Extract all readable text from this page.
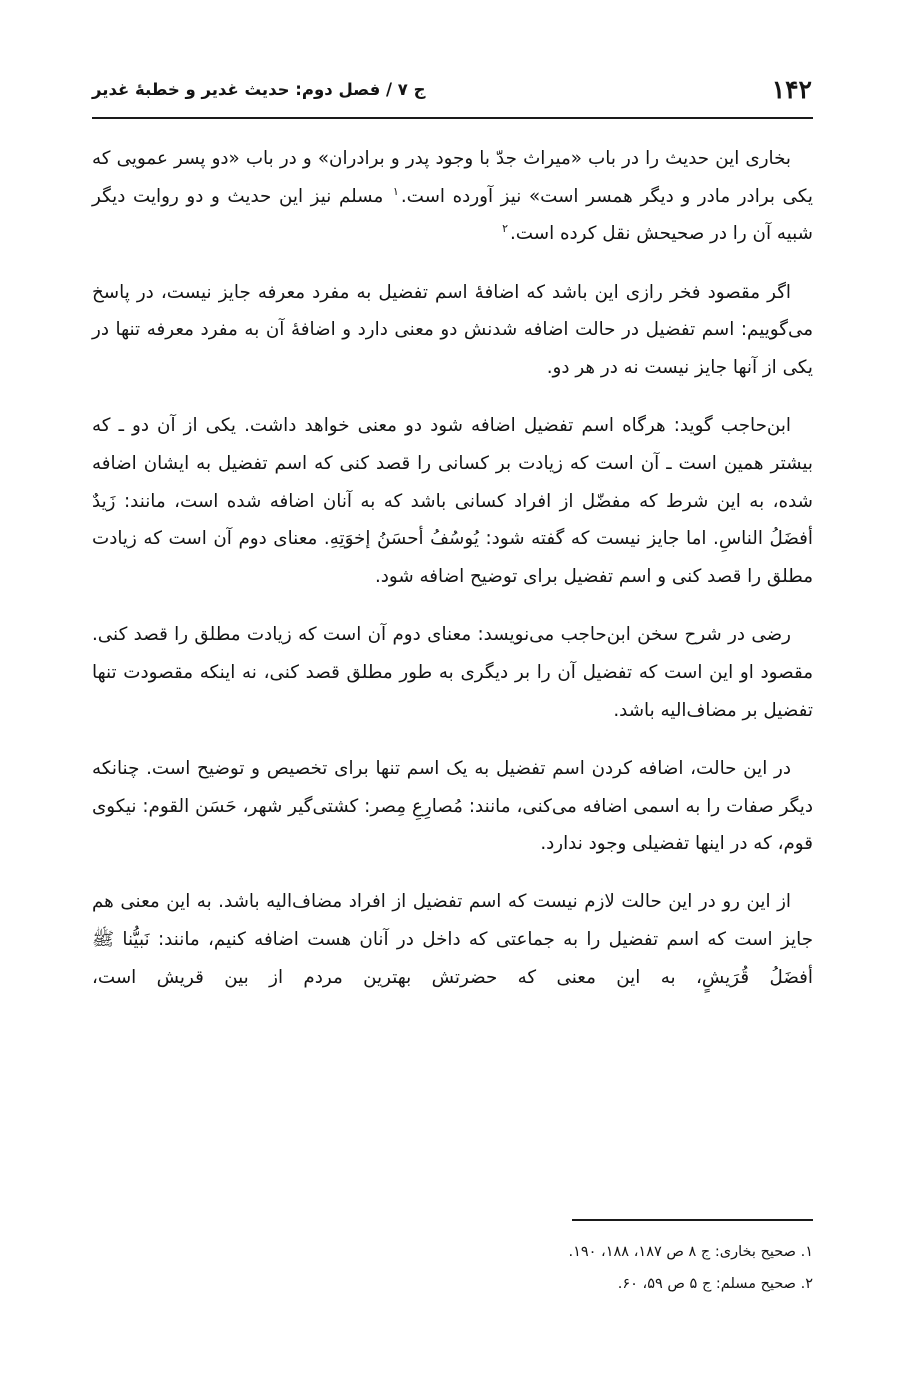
۱۴۲
ج ۷ / فصل دوم: حدیث غدیر و خطبهٔ غدیر

بخاری این حدیث را در باب «میراث جدّ با وجود پدر و برادران» و در باب «دو پسر عمویی که یکی برادر مادر و دیگر همسر است» نیز آورده است.$^۱$ مسلم نیز این حدیث و دو روایت دیگر شبیه آن را در صحیحش نقل کرده است.$^۲$

اگر مقصود فخر رازی این باشد که اضافهٔ اسم تفضیل به مفرد معرفه جایز نیست، در پاسخ می‌گوییم: اسم تفضیل در حالت اضافه شدنش دو معنی دارد و اضافهٔ آن به مفرد معرفه تنها در یکی از آنها جایز نیست نه در هر دو.

ابن‌حاجب گوید: هرگاه اسم تفضیل اضافه شود دو معنی خواهد داشت. یکی از آن دو ـ که بیشتر همین است ـ آن است که زیادت بر کسانی را قصد کنی که اسم تفضیل به ایشان اضافه شده، به این شرط که مفضّل از افراد کسانی باشد که به آنان اضافه شده است، مانند: زَیدٌ أفضَلُ الناسِ. اما جایز نیست که گفته شود: یُوسُفُ أحسَنُ إخوَتِهِ. معنای دوم آن است که زیادت مطلق را قصد کنی و اسم تفضیل برای توضیح اضافه شود.

رضی در شرح سخن ابن‌حاجب می‌نویسد: معنای دوم آن است که زیادت مطلق را قصد کنی. مقصود او این است که تفضیل آن را بر دیگری به طور مطلق قصد کنی، نه اینکه مقصودت تنها تفضیل بر مضاف‌الیه باشد.

در این حالت، اضافه کردن اسم تفضیل به یک اسم تنها برای تخصیص و توضیح است. چنانکه دیگر صفات را به اسمی اضافه می‌کنی، مانند: مُصارِعِ مِصر: کشتی‌گیر شهر، حَسَن القوم: نیکوی قوم، که در اینها تفضیلی وجود ندارد.

از این رو در این حالت لازم نیست که اسم تفضیل از افراد مضاف‌الیه باشد. به این معنی هم جایز است که اسم تفضیل را به جماعتی که داخل در آنان هست اضافه کنیم، مانند: نَبیُّنا ﷺ أفضَلُ قُرَیشٍ، به این معنی که حضرتش بهترین مردم از بین قریش است،

۱. صحیح بخاری: ج ۸ ص ۱۸۷، ۱۸۸، ۱۹۰.
۲. صحیح مسلم: ج ۵ ص ۵۹، ۶۰.
